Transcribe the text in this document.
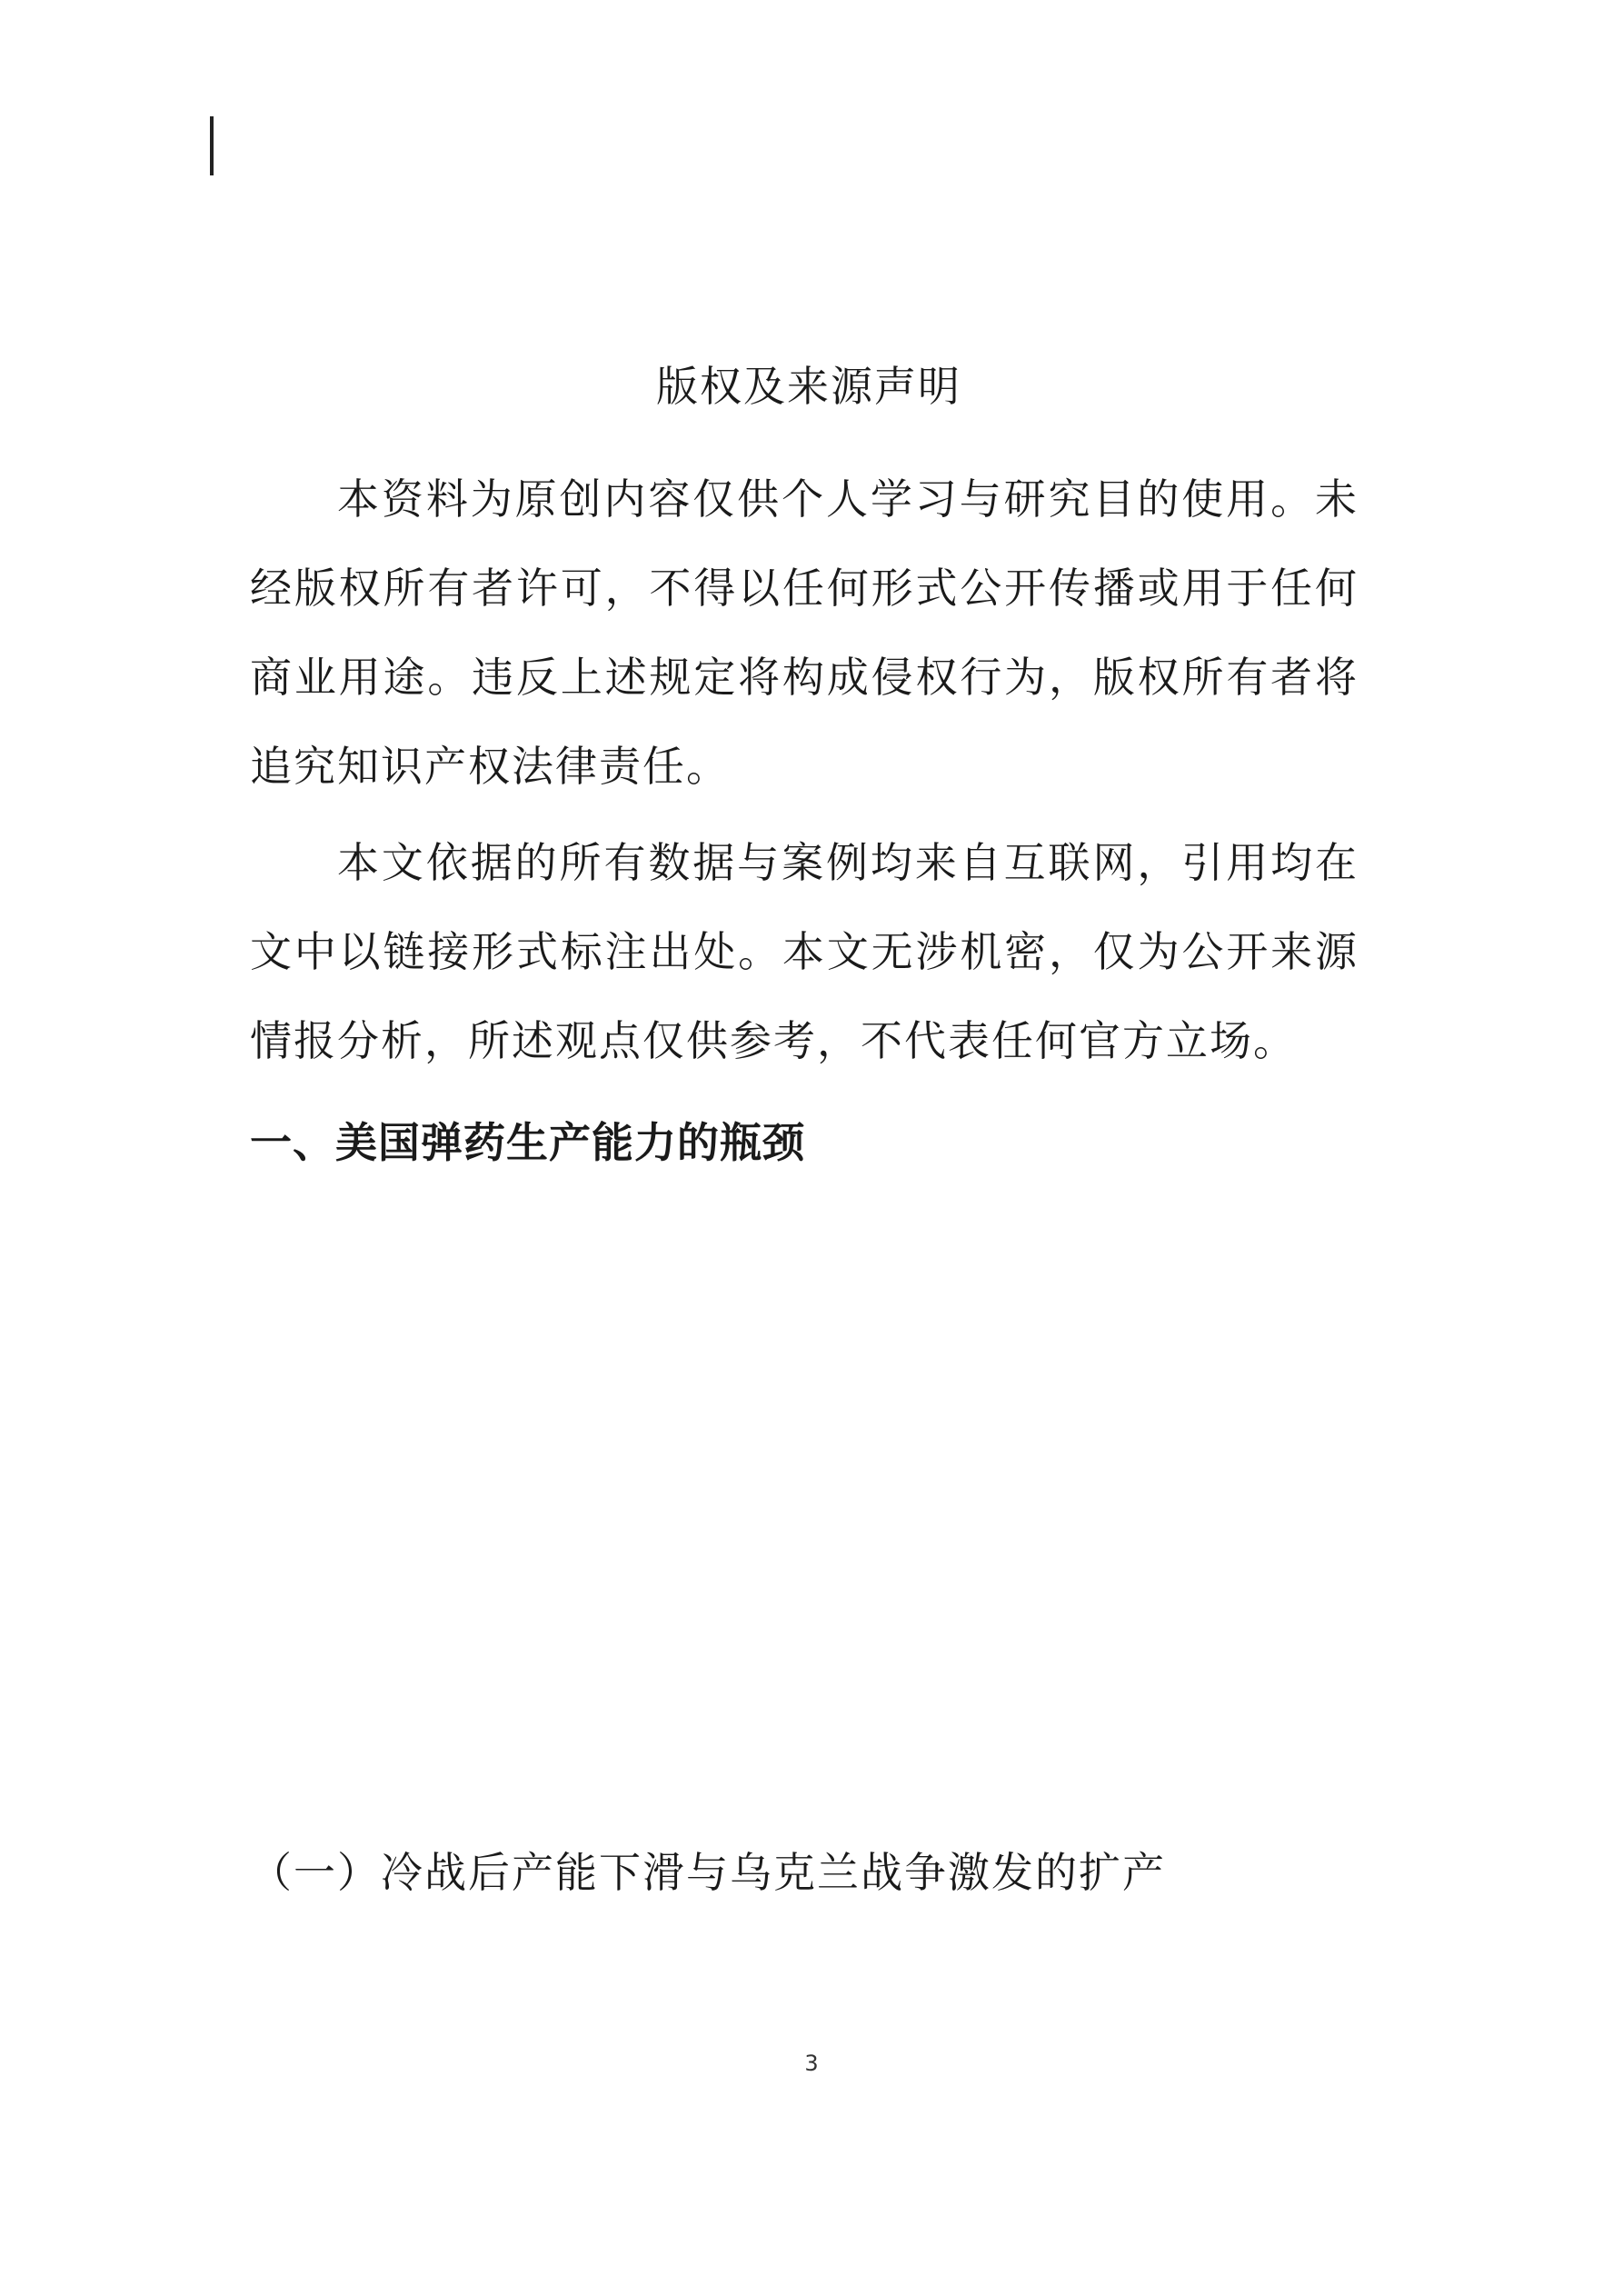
版权及来源声明

本资料为原创内容仅供个人学习与研究目的使用。未经版权所有者许可，不得以任何形式公开传播或用于任何商业用途。违反上述规定将构成侵权行为，版权所有者将追究知识产权法律责任。

本文依据的所有数据与案例均来自互联网，引用均在文中以链接形式标注出处。本文无涉机密，仅为公开来源情报分析，所述观点仅供参考，不代表任何官方立场。

一、美国弹药生产能力的瓶颈
（一）冷战后产能下滑与乌克兰战争激发的扩产
3
